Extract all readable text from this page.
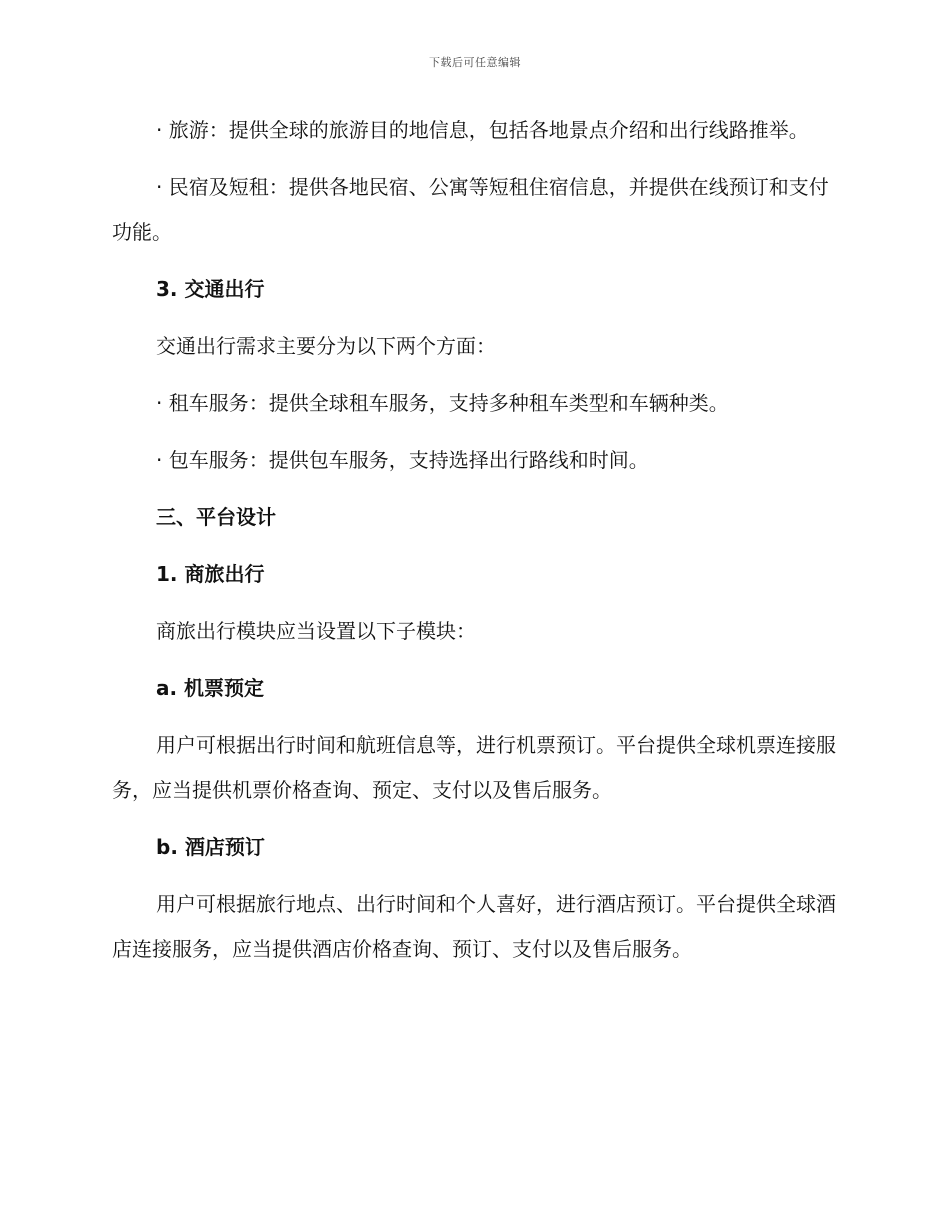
下载后可任意编辑

· 旅游：提供全球的旅游目的地信息，包括各地景点介绍和出行线路推举。

· 民宿及短租：提供各地民宿、公寓等短租住宿信息，并提供在线预订和支付功能。

3. 交通出行

交通出行需求主要分为以下两个方面：

· 租车服务：提供全球租车服务，支持多种租车类型和车辆种类。

· 包车服务：提供包车服务，支持选择出行路线和时间。

三、平台设计

1. 商旅出行

商旅出行模块应当设置以下子模块：

a. 机票预定

用户可根据出行时间和航班信息等，进行机票预订。平台提供全球机票连接服务，应当提供机票价格查询、预定、支付以及售后服务。

b. 酒店预订

用户可根据旅行地点、出行时间和个人喜好，进行酒店预订。平台提供全球酒店连接服务，应当提供酒店价格查询、预订、支付以及售后服务。
